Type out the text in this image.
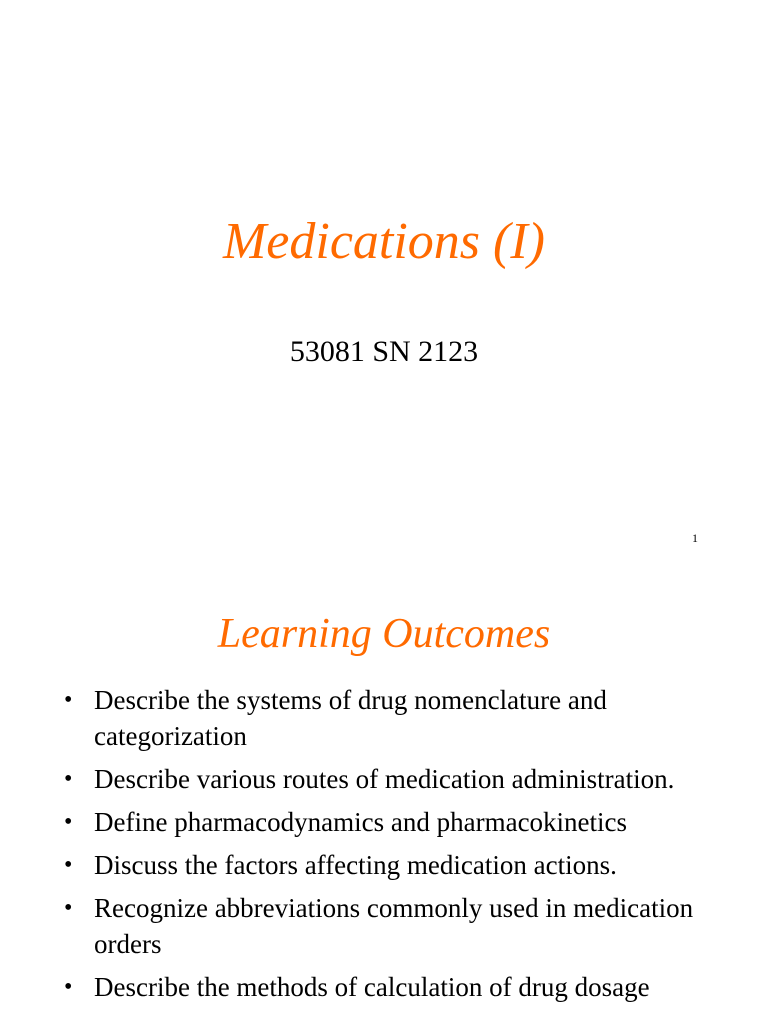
Medications (I)
53081 SN 2123
1
Learning Outcomes
• Describe the systems of drug nomenclature and categorization
• Describe various routes of medication administration.
• Define pharmacodynamics and pharmacokinetics
• Discuss the factors affecting medication actions.
• Recognize abbreviations commonly used in medication orders
• Describe the methods of calculation of drug dosage
